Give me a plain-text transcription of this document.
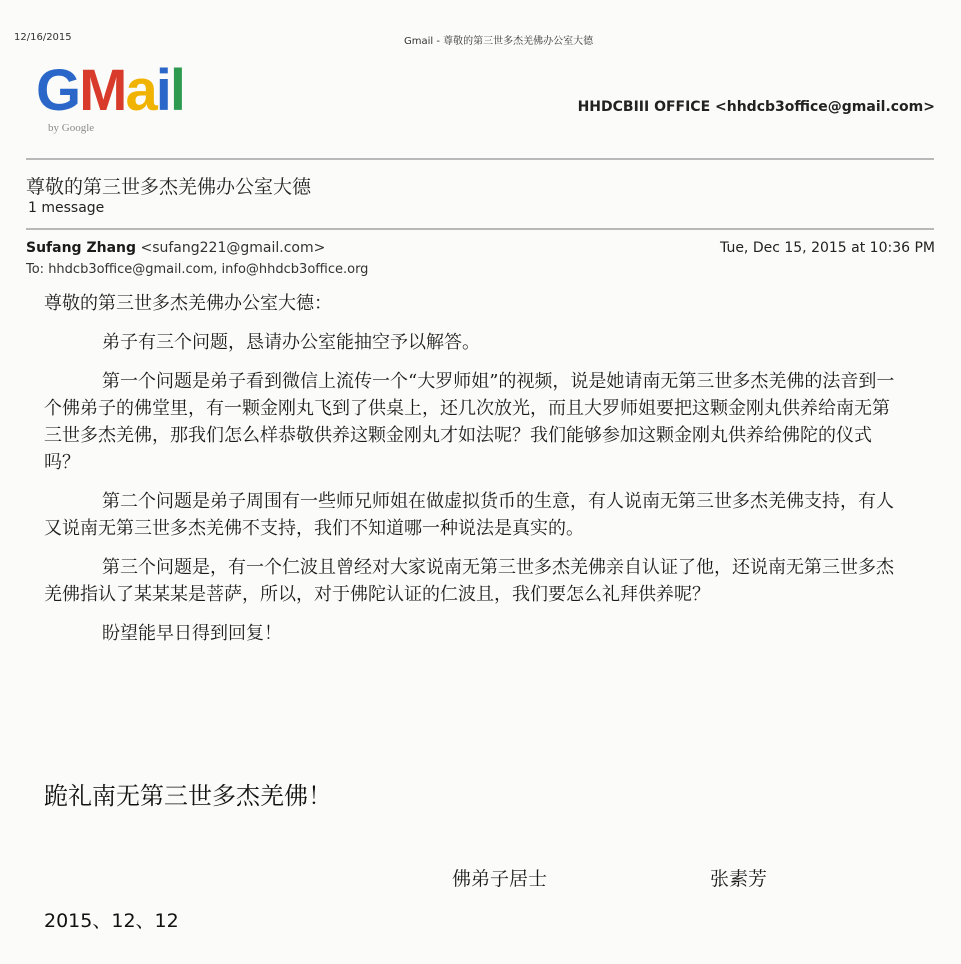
12/16/2015	Gmail - 尊敬的第三世多杰羌佛办公室大德
GMail
by Google
HHDCBIII OFFICE <hhdcb3office@gmail.com>
尊敬的第三世多杰羌佛办公室大德
1 message
Sufang Zhang <sufang221@gmail.com>	Tue, Dec 15, 2015 at 10:36 PM
To: hhdcb3office@gmail.com, info@hhdcb3office.org

尊敬的第三世多杰羌佛办公室大德：

弟子有三个问题，恳请办公室能抽空予以解答。

第一个问题是弟子看到微信上流传一个“大罗师姐”的视频，说是她请南无第三世多杰羌佛的法音到一个佛弟子的佛堂里，有一颗金刚丸飞到了供桌上，还几次放光，而且大罗师姐要把这颗金刚丸供养给南无第三世多杰羌佛，那我们怎么样恭敬供养这颗金刚丸才如法呢？我们能够参加这颗金刚丸供养给佛陀的仪式吗？

第二个问题是弟子周围有一些师兄师姐在做虚拟货币的生意，有人说南无第三世多杰羌佛支持，有人又说南无第三世多杰羌佛不支持，我们不知道哪一种说法是真实的。

第三个问题是，有一个仁波且曾经对大家说南无第三世多杰羌佛亲自认证了他，还说南无第三世多杰羌佛指认了某某某是菩萨，所以，对于佛陀认证的仁波且，我们要怎么礼拜供养呢？

盼望能早日得到回复！

跪礼南无第三世多杰羌佛！
佛弟子居士	张素芳
2015、12、12
